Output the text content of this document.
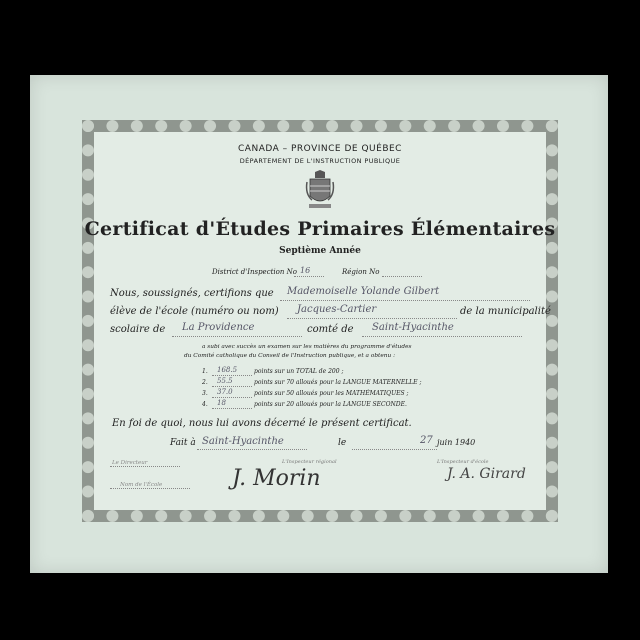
CANADA – PROVINCE DE QUÉBEC
DÉPARTEMENT DE L'INSTRUCTION PUBLIQUE
Certificat d'Études Primaires Élémentaires
Septième Année
District d'Inspection No 16	Région No
Nous, soussignés, certifions que Mademoiselle Yolande Gilbert
élève de l'école (numéro ou nom) Jacques-Cartier	de la municipalité
scolaire de La Providence	comté de Saint-Hyacinthe
a subi avec succès un examen sur les matières du programme d'études
du Comité catholique du Conseil de l'Instruction publique, et a obtenu :
1. 168.5	points sur un TOTAL de 200 ;
2. 55.5	points sur 70 alloués pour la LANGUE MATERNELLE ;
3. 37.0	points sur 50 alloués pour les MATHÉMATIQUES ;
4. 18	points sur 20 alloués pour la LANGUE SECONDE.
En foi de quoi, nous lui avons décerné le présent certificat.
Fait à Saint-Hyacinthe	le	27 juin 1940
Le Directeur	L'Inspecteur régional	L'Inspecteur d'école
Nom de l'École	J. Morin	J. A. Girard
